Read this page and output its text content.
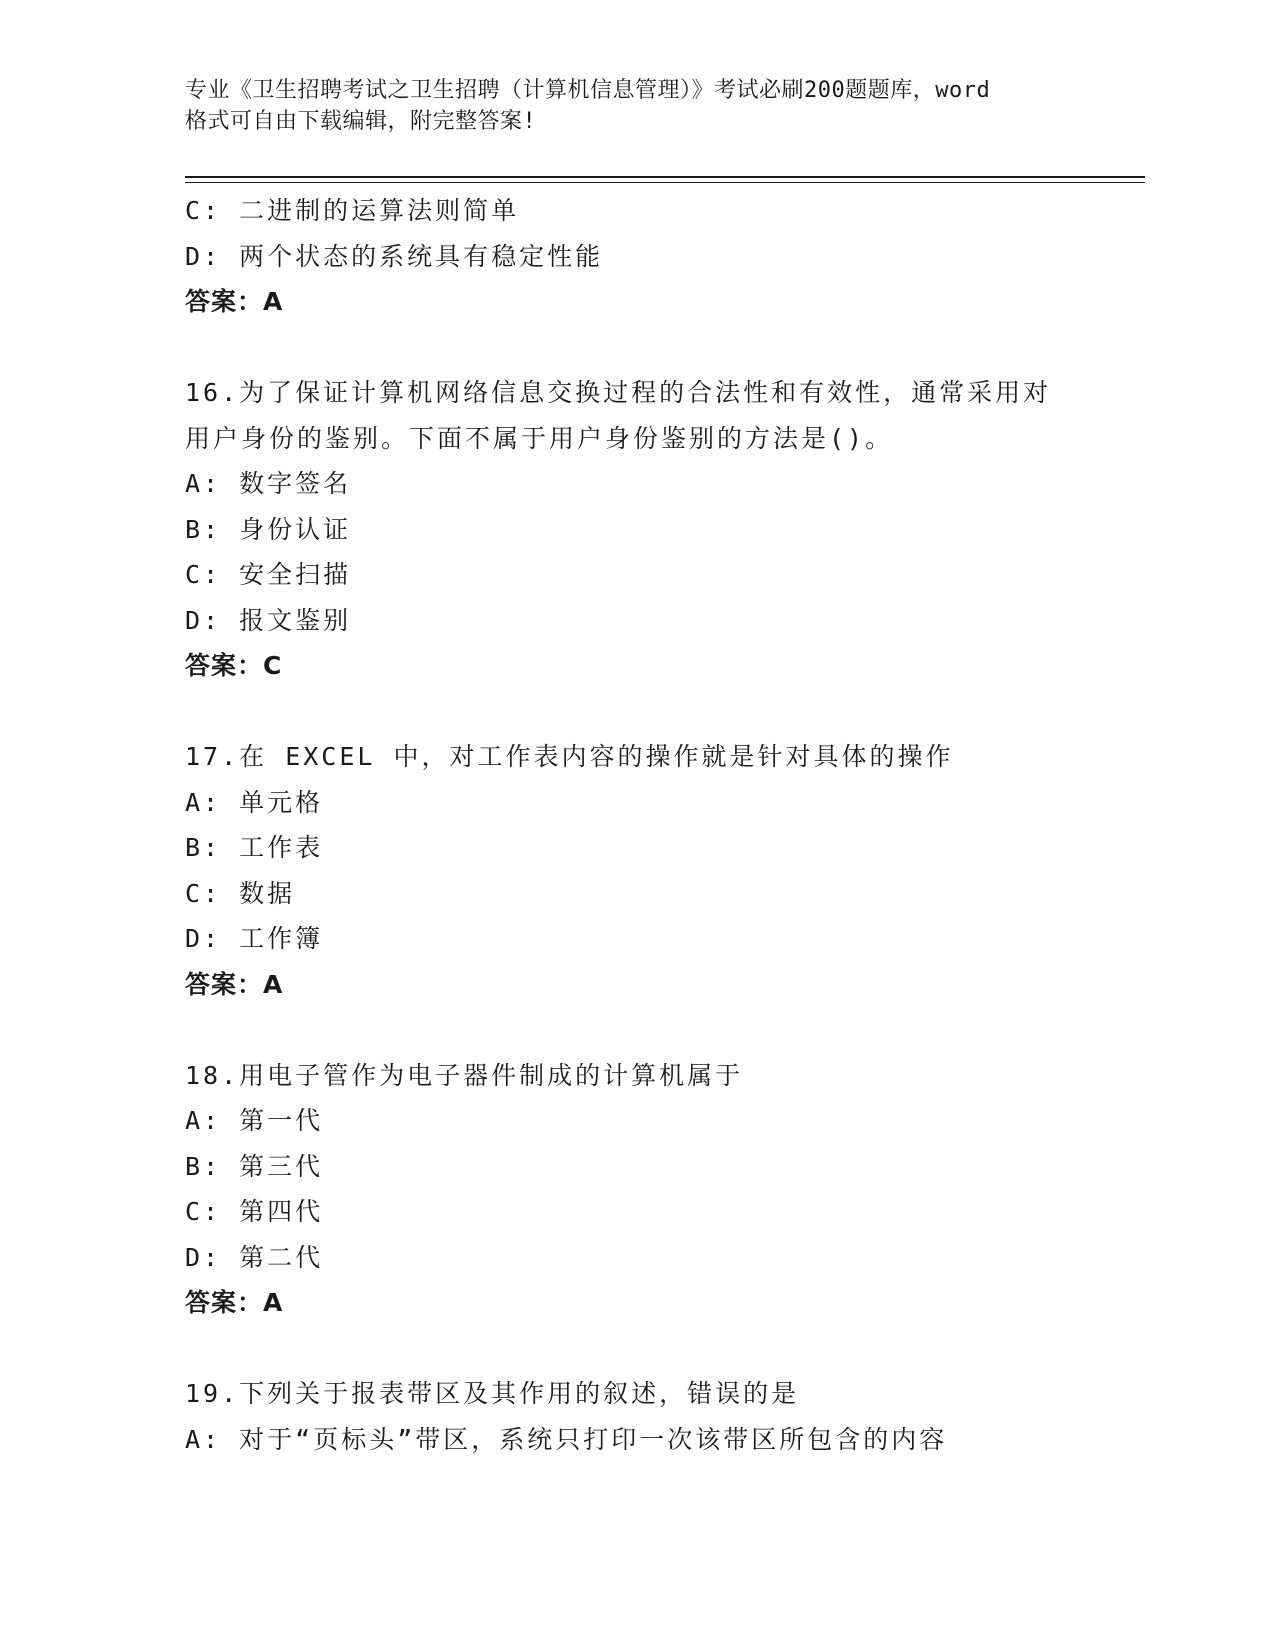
专业《卫生招聘考试之卫生招聘（计算机信息管理）》考试必刷200题题库，word
格式可自由下载编辑，附完整答案!
C: 二进制的运算法则简单
D: 两个状态的系统具有稳定性能
答案：A
16.为了保证计算机网络信息交换过程的合法性和有效性，通常采用对
用户身份的鉴别。下面不属于用户身份鉴别的方法是()。
A: 数字签名
B: 身份认证
C: 安全扫描
D: 报文鉴别
答案：C
17.在 EXCEL 中，对工作表内容的操作就是针对具体的操作
A: 单元格
B: 工作表
C: 数据
D: 工作簿
答案：A
18.用电子管作为电子器件制成的计算机属于
A: 第一代
B: 第三代
C: 第四代
D: 第二代
答案：A
19.下列关于报表带区及其作用的叙述，错误的是
A: 对于“页标头”带区，系统只打印一次该带区所包含的内容
